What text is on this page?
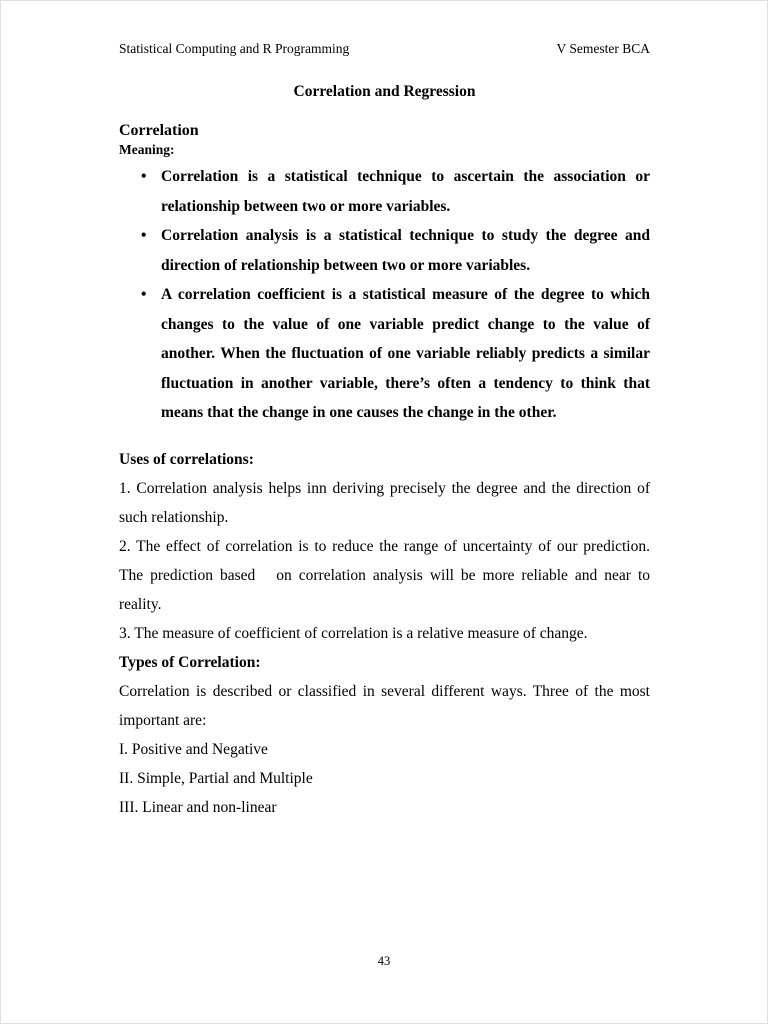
Statistical Computing and R Programming	V Semester BCA
Correlation and Regression
Correlation
Meaning:
• Correlation is a statistical technique to ascertain the association or relationship between two or more variables.
• Correlation analysis is a statistical technique to study the degree and direction of relationship between two or more variables.
• A correlation coefficient is a statistical measure of the degree to which changes to the value of one variable predict change to the value of another. When the fluctuation of one variable reliably predicts a similar fluctuation in another variable, there’s often a tendency to think that means that the change in one causes the change in the other.
Uses of correlations:

1. Correlation analysis helps inn deriving precisely the degree and the direction of such relationship.

2. The effect of correlation is to reduce the range of uncertainty of our prediction. The prediction based   on correlation analysis will be more reliable and near to reality.

3. The measure of coefficient of correlation is a relative measure of change.

Types of Correlation:

Correlation is described or classified in several different ways. Three of the most important are:

I. Positive and Negative

II. Simple, Partial and Multiple

III. Linear and non-linear

43
